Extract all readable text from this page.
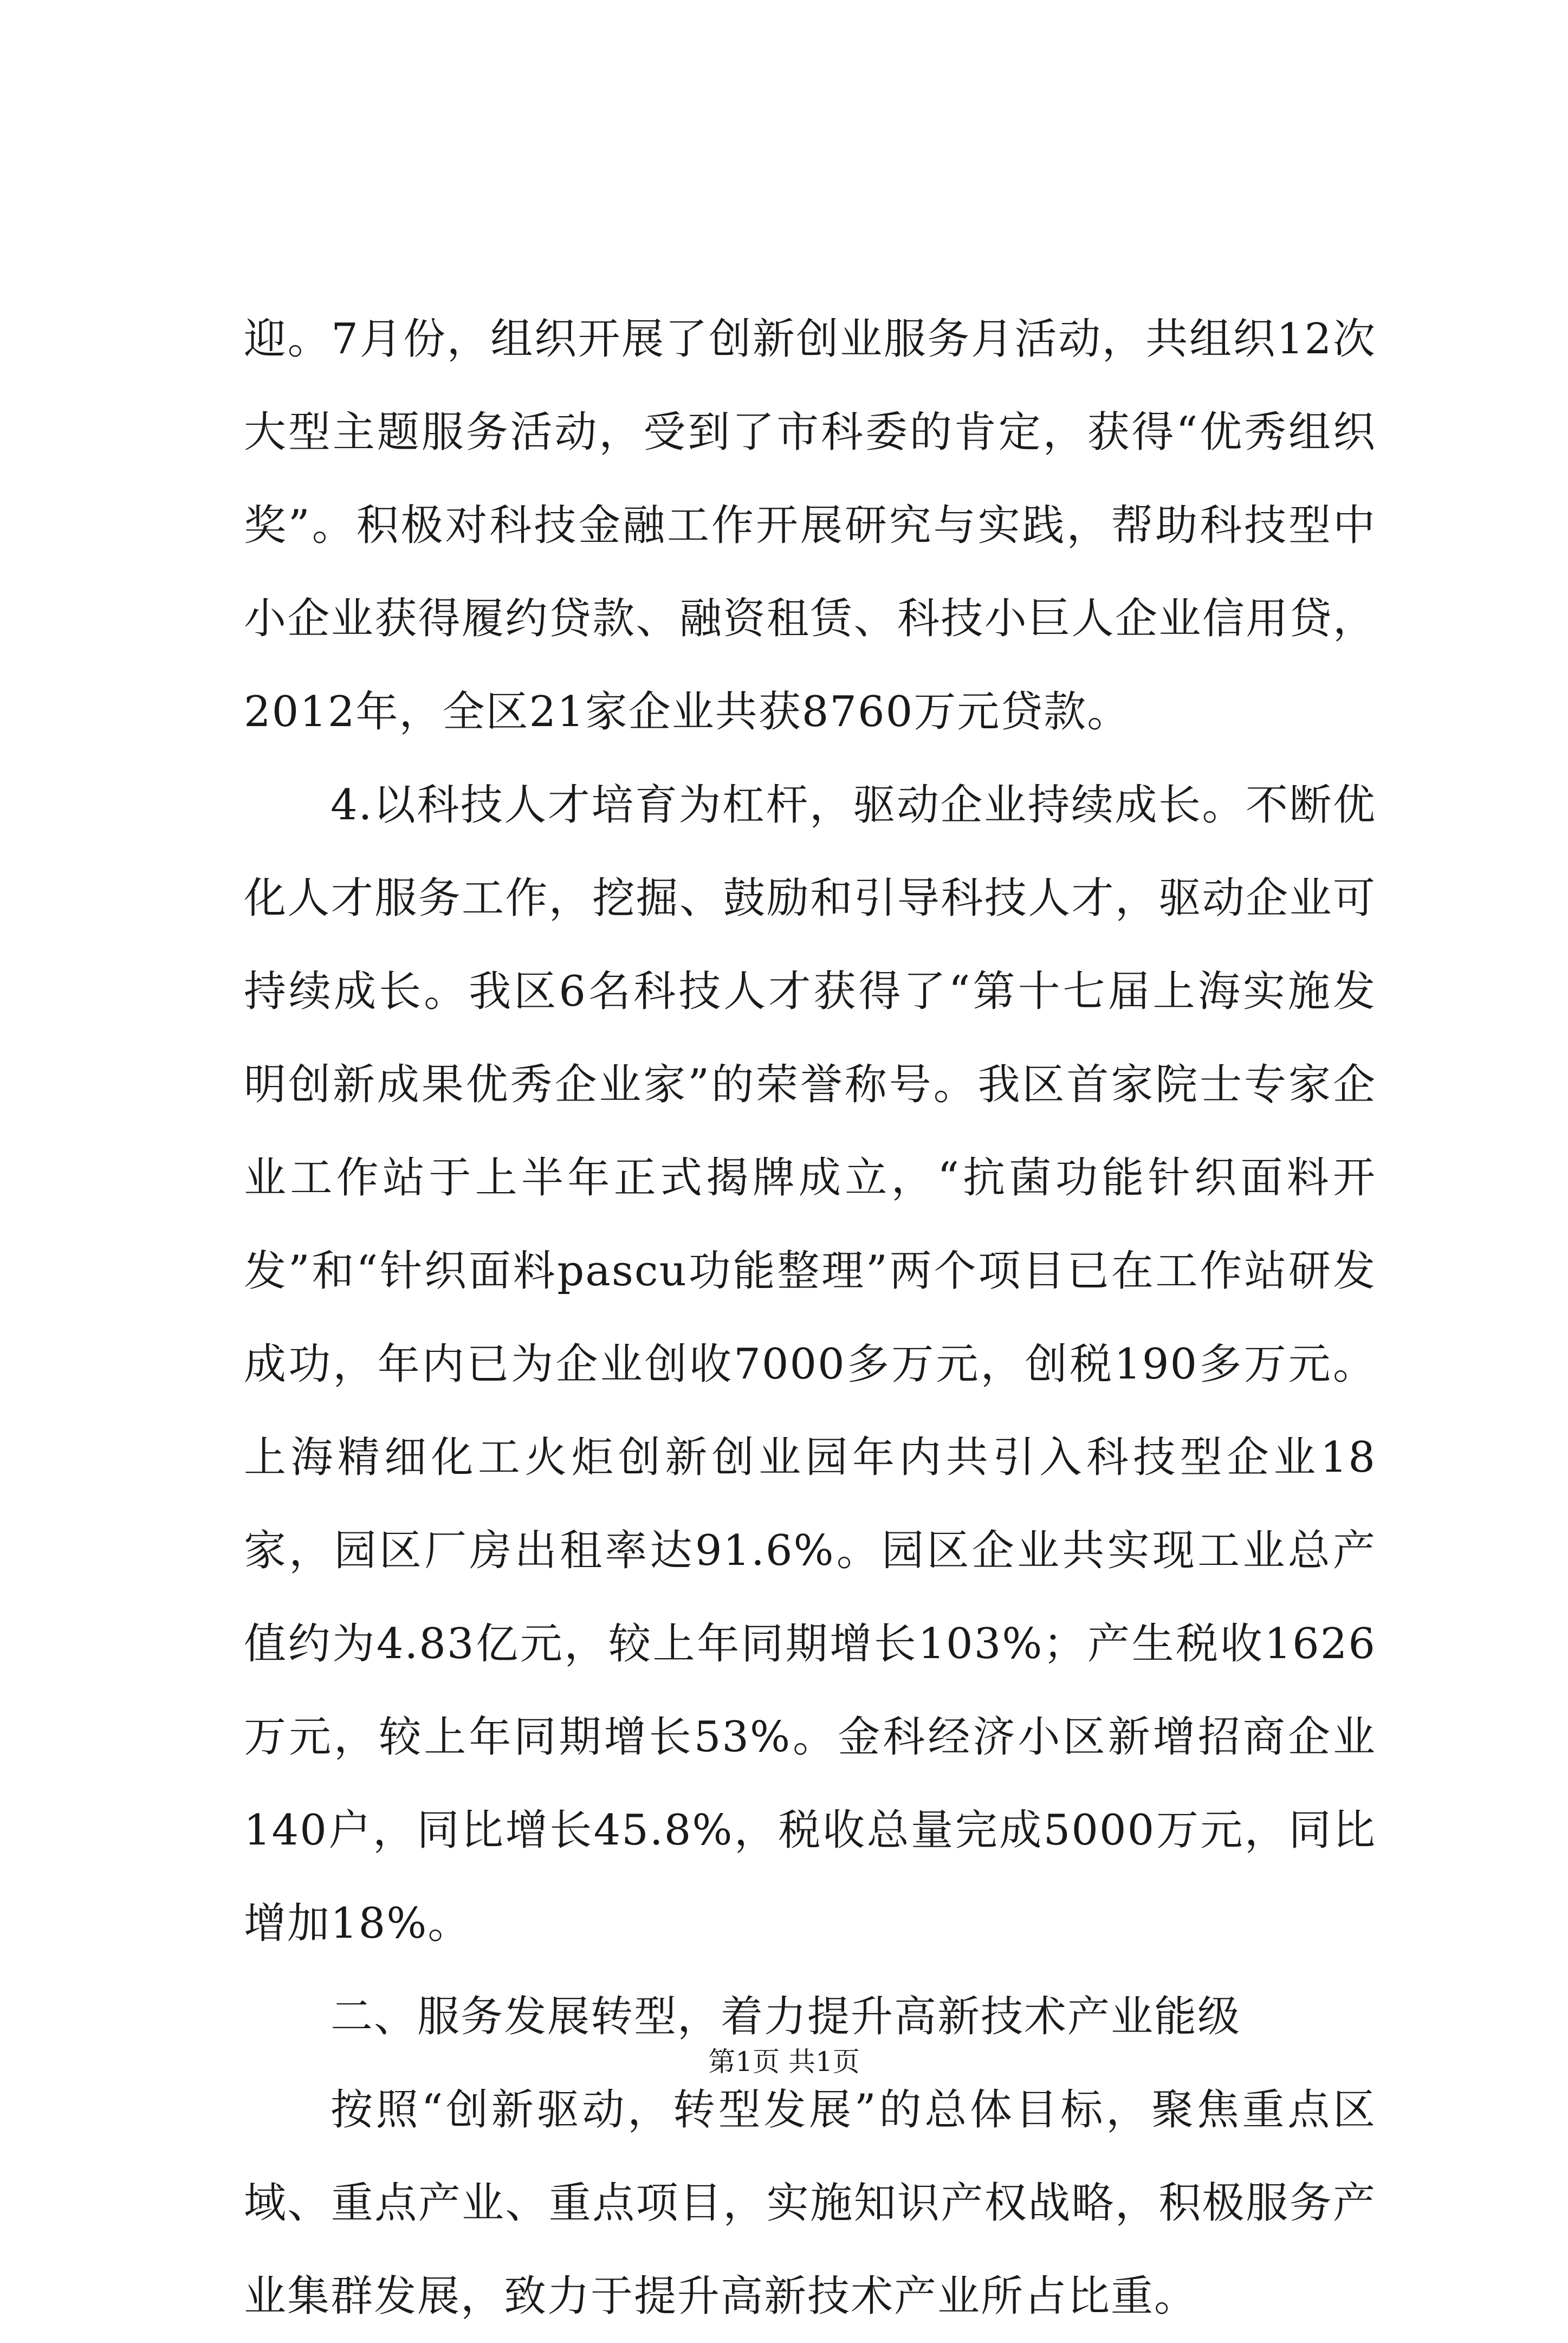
迎。7月份，组织开展了创新创业服务月活动，共组织12次大型主题服务活动，受到了市科委的肯定，获得“优秀组织奖”。积极对科技金融工作开展研究与实践，帮助科技型中小企业获得履约贷款、融资租赁、科技小巨人企业信用贷，2012年，全区21家企业共获8760万元贷款。

4.以科技人才培育为杠杆，驱动企业持续成长。不断优化人才服务工作，挖掘、鼓励和引导科技人才，驱动企业可持续成长。我区6名科技人才获得了“第十七届上海实施发明创新成果优秀企业家”的荣誉称号。我区首家院士专家企业工作站于上半年正式揭牌成立，“抗菌功能针织面料开发”和“针织面料pascu功能整理”两个项目已在工作站研发成功，年内已为企业创收7000多万元，创税190多万元。上海精细化工火炬创新创业园年内共引入科技型企业18家，园区厂房出租率达91.6%。园区企业共实现工业总产值约为4.83亿元，较上年同期增长103%；产生税收1626万元，较上年同期增长53%。金科经济小区新增招商企业140户，同比增长45.8%，税收总量完成5000万元，同比增加18%。

二、服务发展转型，着力提升高新技术产业能级

按照“创新驱动，转型发展”的总体目标，聚焦重点区域、重点产业、重点项目，实施知识产权战略，积极服务产业集群发展，致力于提升高新技术产业所占比重。

第1页 共1页
